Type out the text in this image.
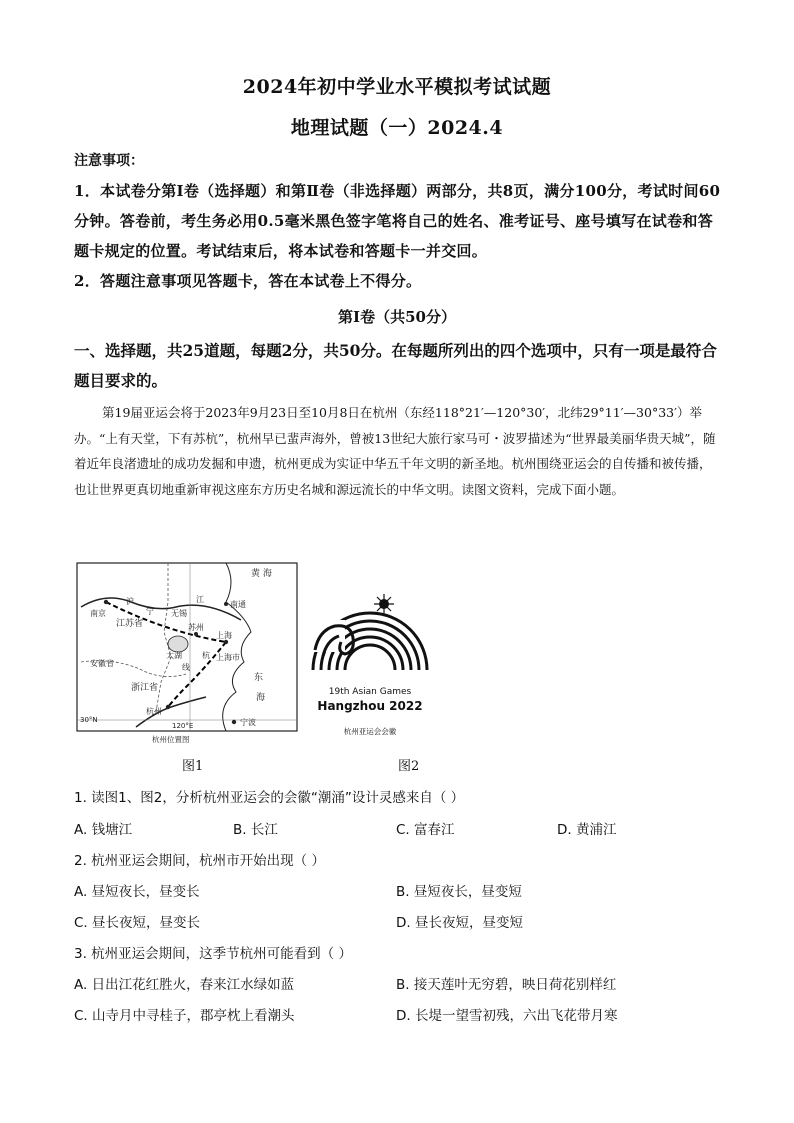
2024年初中学业水平模拟考试试题
地理试题（一）2024.4
注意事项：
1．本试卷分第Ⅰ卷（选择题）和第Ⅱ卷（非选择题）两部分，共8页，满分100分，考试时间60分钟。答卷前，考生务必用0.5毫米黑色签字笔将自己的姓名、准考证号、座号填写在试卷和答题卡规定的位置。考试结束后，将本试卷和答题卡一并交回。
2．答题注意事项见答题卡，答在本试卷上不得分。
第Ⅰ卷（共50分）
一、选择题，共25道题，每题2分，共50分。在每题所列出的四个选项中，只有一项是最符合题目要求的。
第19届亚运会将于2023年9月23日至10月8日在杭州（东经118°21′—120°30′，北纬29°11′—30°33′）举办。“上有天堂，下有苏杭”，杭州早已蜚声海外，曾被13世纪大旅行家马可・波罗描述为“世界最美丽华贵天城”，随着近年良渚遗址的成功发掘和申遗，杭州更成为实证中华五千年文明的新圣地。杭州围绕亚运会的自传播和被传播，也让世界更真切地重新审视这座东方历史名城和源远流长的中华文明。读图文资料，完成下面小题。
黄 海
南京
江苏省
安徽省
浙江省
上海市
上海
苏州
无锡
太湖
南通
杭州
宁波
东
海
30°N
120°E
江
沪
宁
线
杭
杭州位置图
图1
19th Asian Games
Hangzhou 2022
杭州亚运会会徽
图2
1. 读图1、图2，分析杭州亚运会的会徽“潮涌”设计灵感来自（ ）
A. 钱塘江	B. 长江	C. 富春江	D. 黄浦江
2. 杭州亚运会期间，杭州市开始出现（ ）
A. 昼短夜长，昼变长	B. 昼短夜长，昼变短
C. 昼长夜短，昼变长	D. 昼长夜短，昼变短
3. 杭州亚运会期间，这季节杭州可能看到（ ）
A. 日出江花红胜火，春来江水绿如蓝	B. 接天莲叶无穷碧，映日荷花别样红
C. 山寺月中寻桂子，郡亭枕上看潮头	D. 长堤一望雪初残，六出飞花带月寒
